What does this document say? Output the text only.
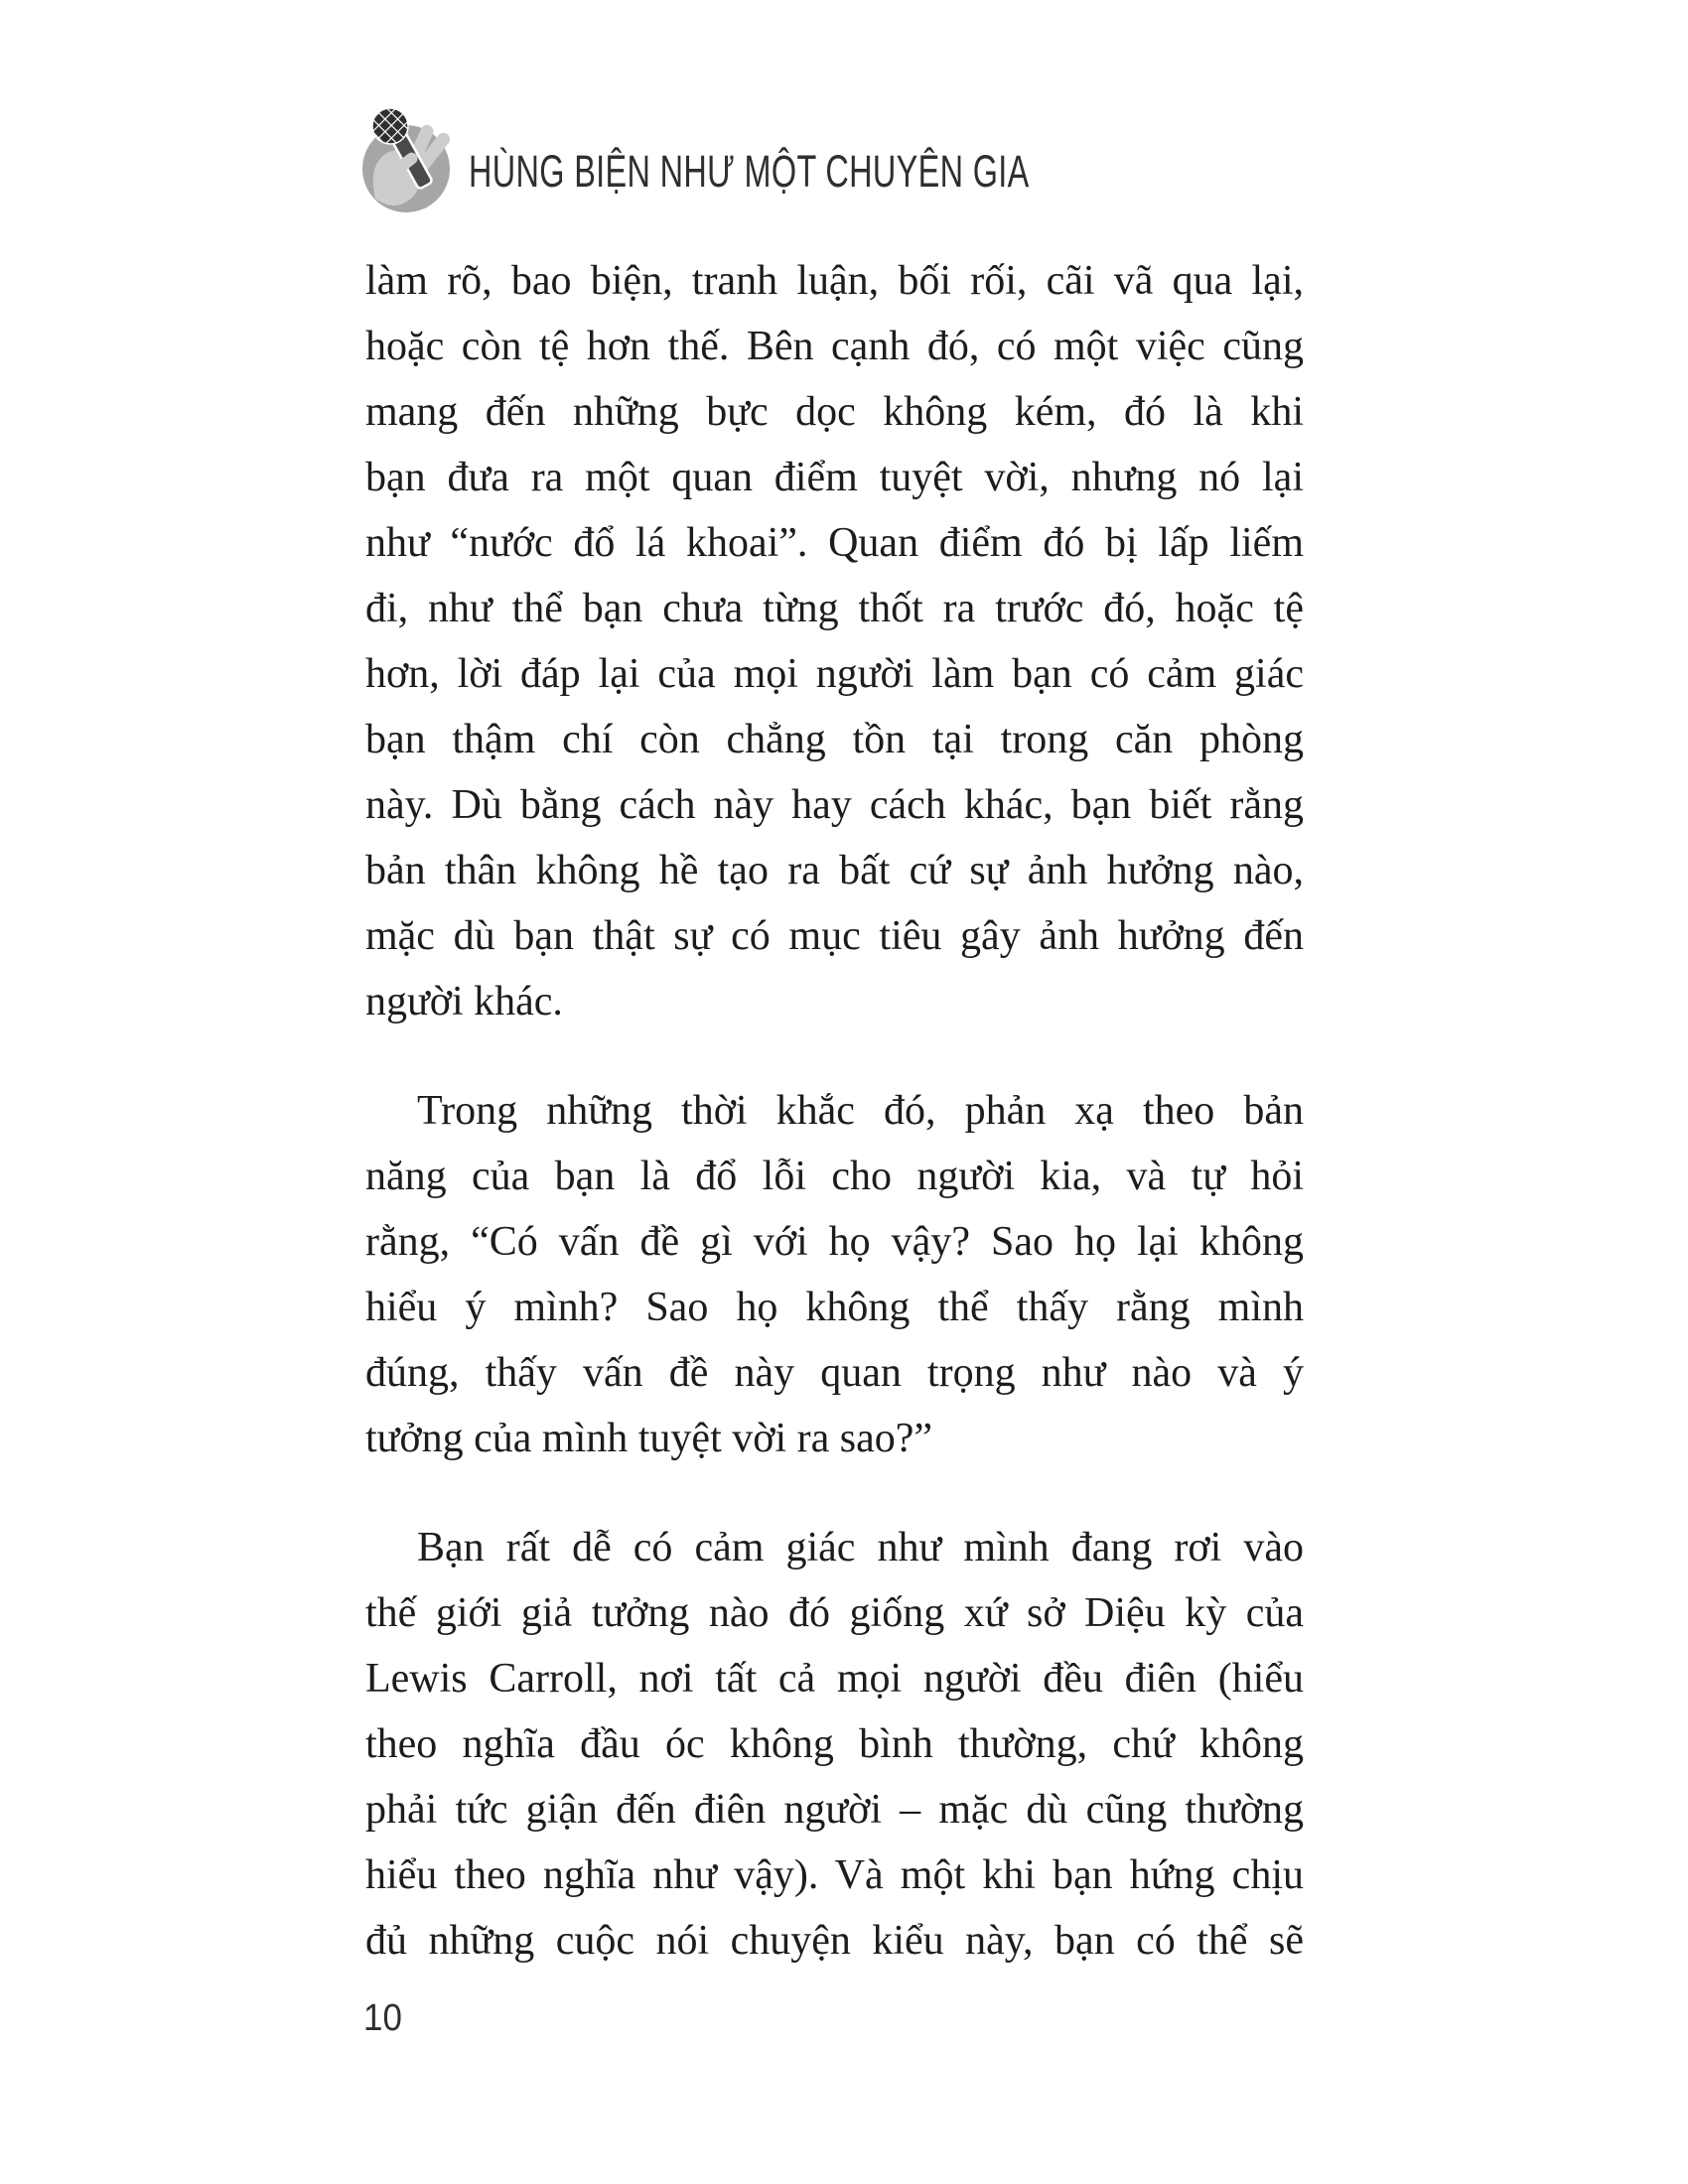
HÙNG BIỆN NHƯ MỘT CHUYÊN GIA
làm rõ, bao biện, tranh luận, bối rối, cãi vã qua lại,
hoặc còn tệ hơn thế. Bên cạnh đó, có một việc cũng
mang đến những bực dọc không kém, đó là khi
bạn đưa ra một quan điểm tuyệt vời, nhưng nó lại
như “nước đổ lá khoai”. Quan điểm đó bị lấp liếm
đi, như thể bạn chưa từng thốt ra trước đó, hoặc tệ
hơn, lời đáp lại của mọi người làm bạn có cảm giác
bạn thậm chí còn chẳng tồn tại trong căn phòng
này. Dù bằng cách này hay cách khác, bạn biết rằng
bản thân không hề tạo ra bất cứ sự ảnh hưởng nào,
mặc dù bạn thật sự có mục tiêu gây ảnh hưởng đến
người khác.
Trong những thời khắc đó, phản xạ theo bản
năng của bạn là đổ lỗi cho người kia, và tự hỏi
rằng, “Có vấn đề gì với họ vậy? Sao họ lại không
hiểu ý mình? Sao họ không thể thấy rằng mình
đúng, thấy vấn đề này quan trọng như nào và ý
tưởng của mình tuyệt vời ra sao?”
Bạn rất dễ có cảm giác như mình đang rơi vào
thế giới giả tưởng nào đó giống xứ sở Diệu kỳ của
Lewis Carroll, nơi tất cả mọi người đều điên (hiểu
theo nghĩa đầu óc không bình thường, chứ không
phải tức giận đến điên người – mặc dù cũng thường
hiểu theo nghĩa như vậy). Và một khi bạn hứng chịu
đủ những cuộc nói chuyện kiểu này, bạn có thể sẽ
10
